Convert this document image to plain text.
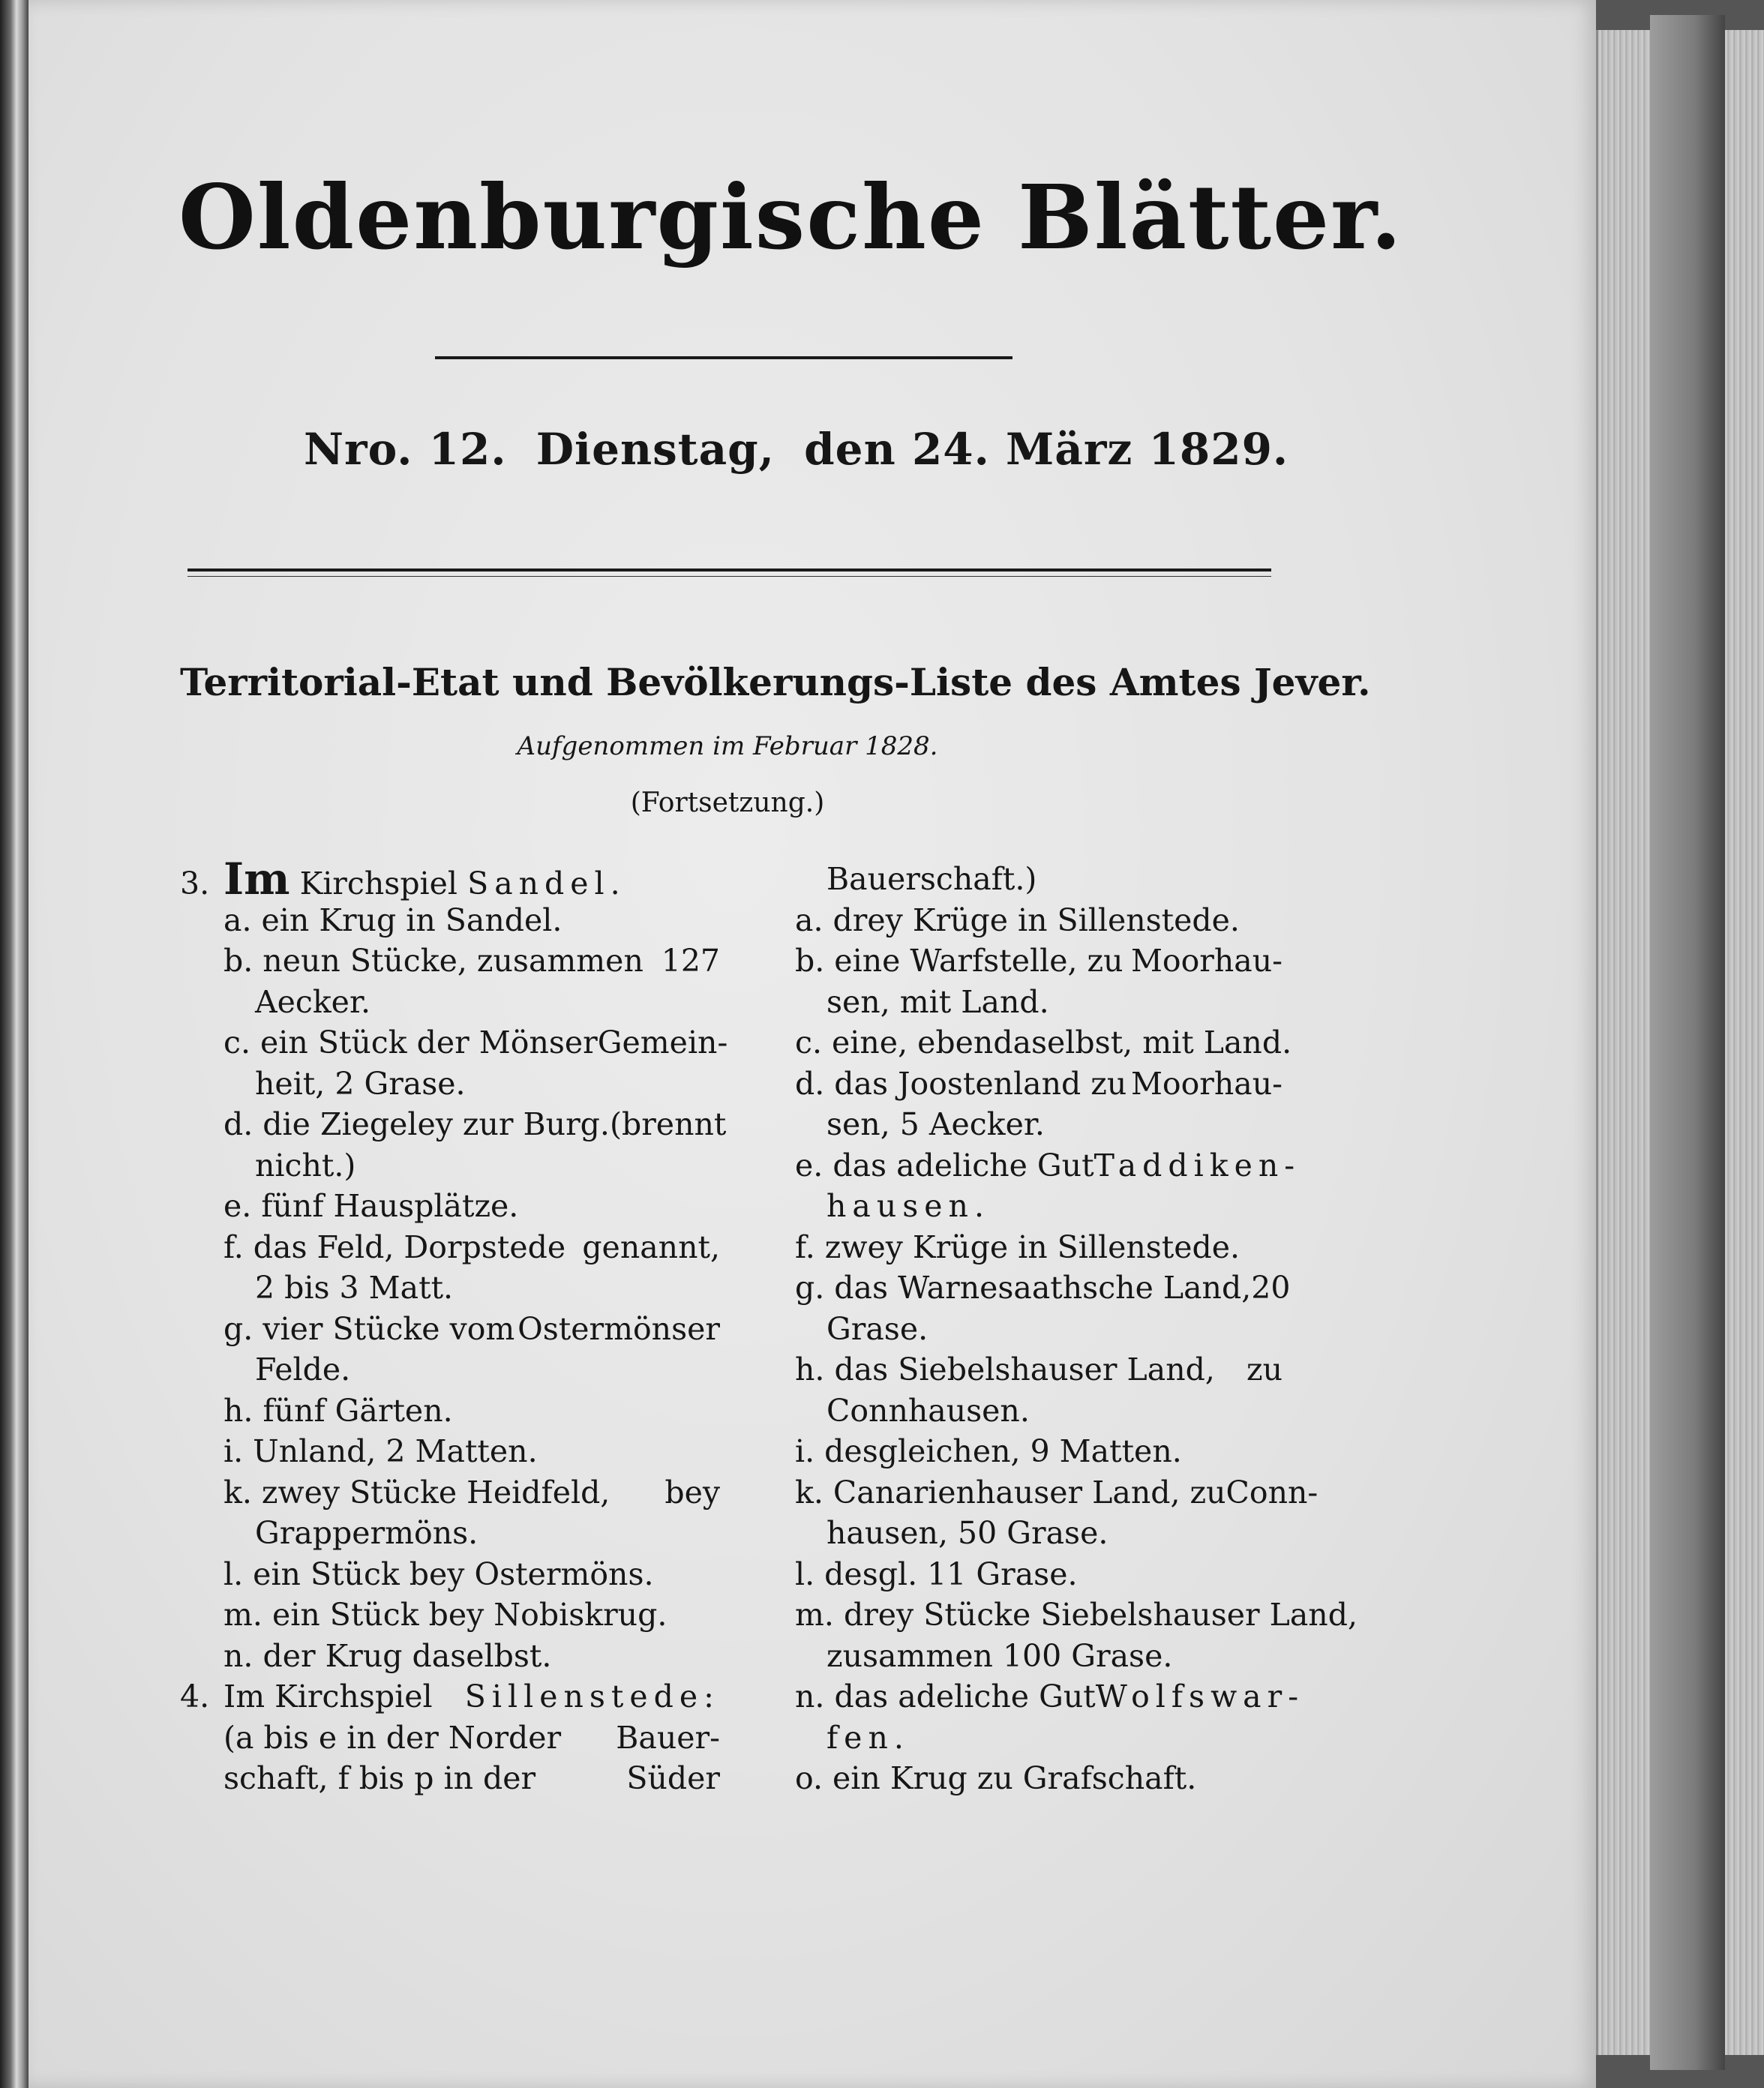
Oldenburgische Blätter.
Nro. 12. Dienstag, den 24. März 1829.
Territorial-Etat und Bevölkerungs-Liste des Amtes Jever.
Aufgenommen im Februar 1828.
(Fortsetzung.)
3. Im Kirchspiel Sandel.
a. ein Krug in Sandel.
b. neun Stücke, zusammen 127
Aecker.
c. ein Stück der Mönser Gemein-
heit, 2 Grase.
d. die Ziegeley zur Burg. (brennt
nicht.)
e. fünf Hausplätze.
f. das Feld, Dorpstede genannt,
2 bis 3 Matt.
g. vier Stücke vom Ostermönser
Felde.
h. fünf Gärten.
i. Unland, 2 Matten.
k. zwey Stücke Heidfeld, bey
Grappermöns.
l. ein Stück bey Ostermöns.
m. ein Stück bey Nobiskrug.
n. der Krug daselbst.
4. Im Kirchspiel Sillenstede:
(a bis e in der Norder Bauer-
schaft, f bis p in der	Süder
Bauerschaft.)
a. drey Krüge in Sillenstede.
b. eine Warfstelle, zu Moorhau-
sen, mit Land.
c. eine, ebendaselbst, mit Land.
d. das Joostenland zu Moorhau-
sen, 5 Aecker.
e. das adeliche Gut Taddiken-
hausen.
f. zwey Krüge in Sillenstede.
g. das Warnesaathsche Land, 20
Grase.
h. das Siebelshauser Land, zu
Connhausen.
i. desgleichen, 9 Matten.
k. Canarienhauser Land, zu Conn-
hausen, 50 Grase.
l. desgl. 11 Grase.
m. drey Stücke Siebelshauser Land,
zusammen 100 Grase.
n. das adeliche Gut Wolfswar-
fen.
o. ein Krug zu Grafschaft.
